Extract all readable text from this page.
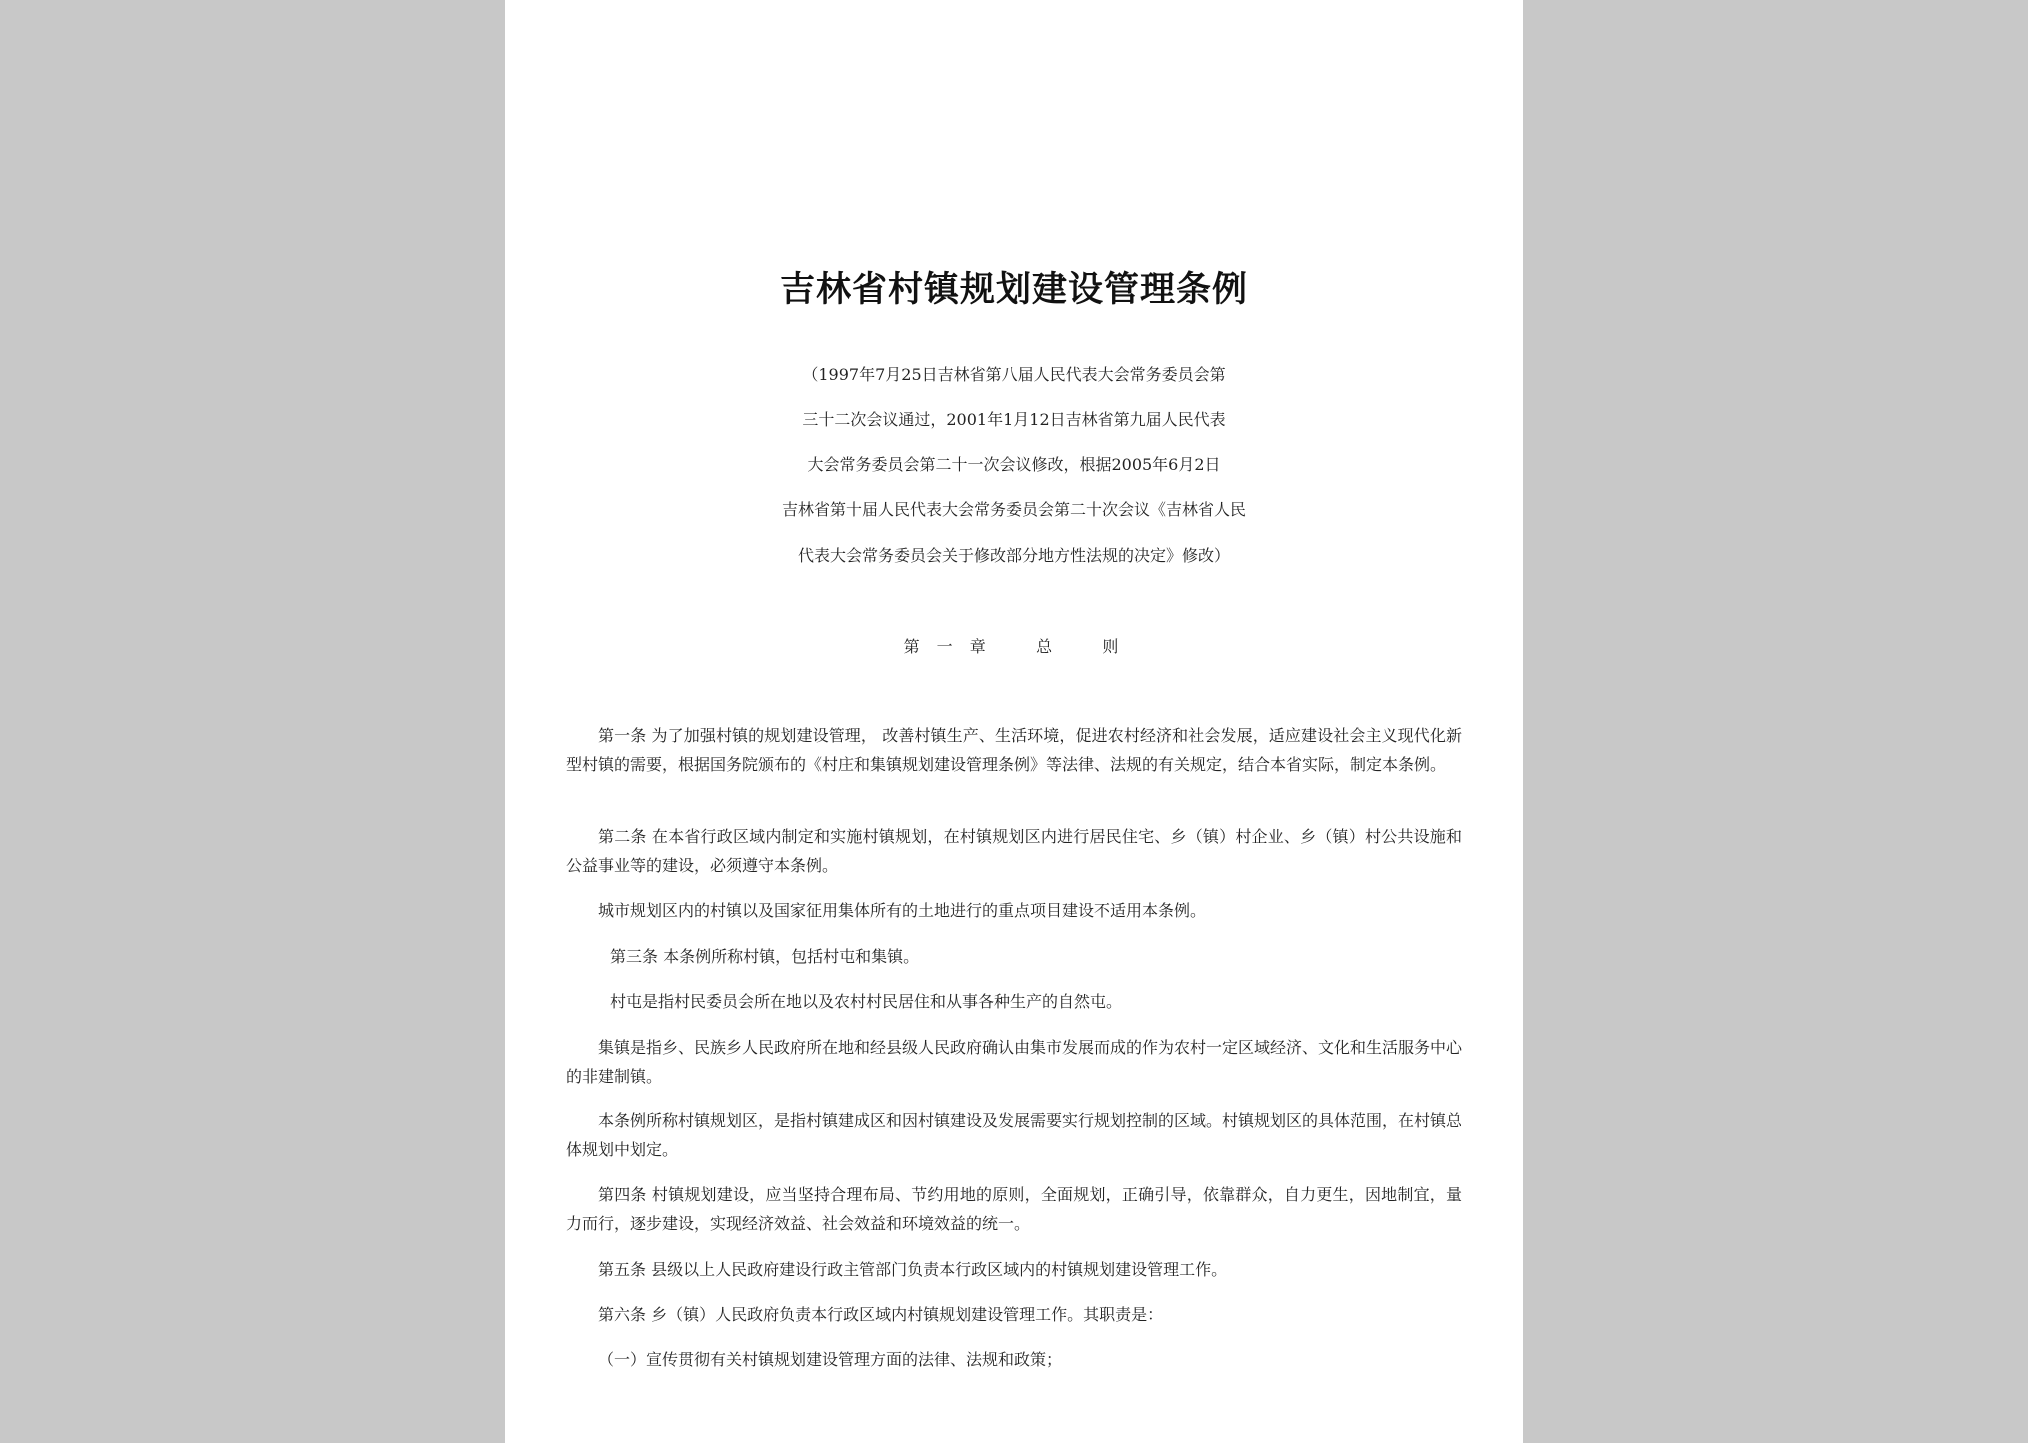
吉林省村镇规划建设管理条例
（1997年7月25日吉林省第八届人民代表大会常务委员会第
三十二次会议通过，2001年1月12日吉林省第九届人民代表
大会常务委员会第二十一次会议修改，根据2005年6月2日
吉林省第十届人民代表大会常务委员会第二十次会议《吉林省人民
代表大会常务委员会关于修改部分地方性法规的决定》修改）
第 一 章    总    则
第一条 为了加强村镇的规划建设管理， 改善村镇生产、生活环境，促进农村经济和社会发展，适应建设社会主义现代化新型村镇的需要，根据国务院颁布的《村庄和集镇规划建设管理条例》等法律、法规的有关规定，结合本省实际，制定本条例。
第二条 在本省行政区域内制定和实施村镇规划，在村镇规划区内进行居民住宅、乡（镇）村企业、乡（镇）村公共设施和公益事业等的建设，必须遵守本条例。
城市规划区内的村镇以及国家征用集体所有的土地进行的重点项目建设不适用本条例。
第三条 本条例所称村镇，包括村屯和集镇。
村屯是指村民委员会所在地以及农村村民居住和从事各种生产的自然屯。
集镇是指乡、民族乡人民政府所在地和经县级人民政府确认由集市发展而成的作为农村一定区域经济、文化和生活服务中心的非建制镇。
本条例所称村镇规划区，是指村镇建成区和因村镇建设及发展需要实行规划控制的区域。村镇规划区的具体范围，在村镇总体规划中划定。
第四条 村镇规划建设，应当坚持合理布局、节约用地的原则，全面规划，正确引导，依靠群众，自力更生，因地制宜，量力而行，逐步建设，实现经济效益、社会效益和环境效益的统一。
第五条 县级以上人民政府建设行政主管部门负责本行政区域内的村镇规划建设管理工作。
第六条 乡（镇）人民政府负责本行政区域内村镇规划建设管理工作。其职责是：
（一）宣传贯彻有关村镇规划建设管理方面的法律、法规和政策；
